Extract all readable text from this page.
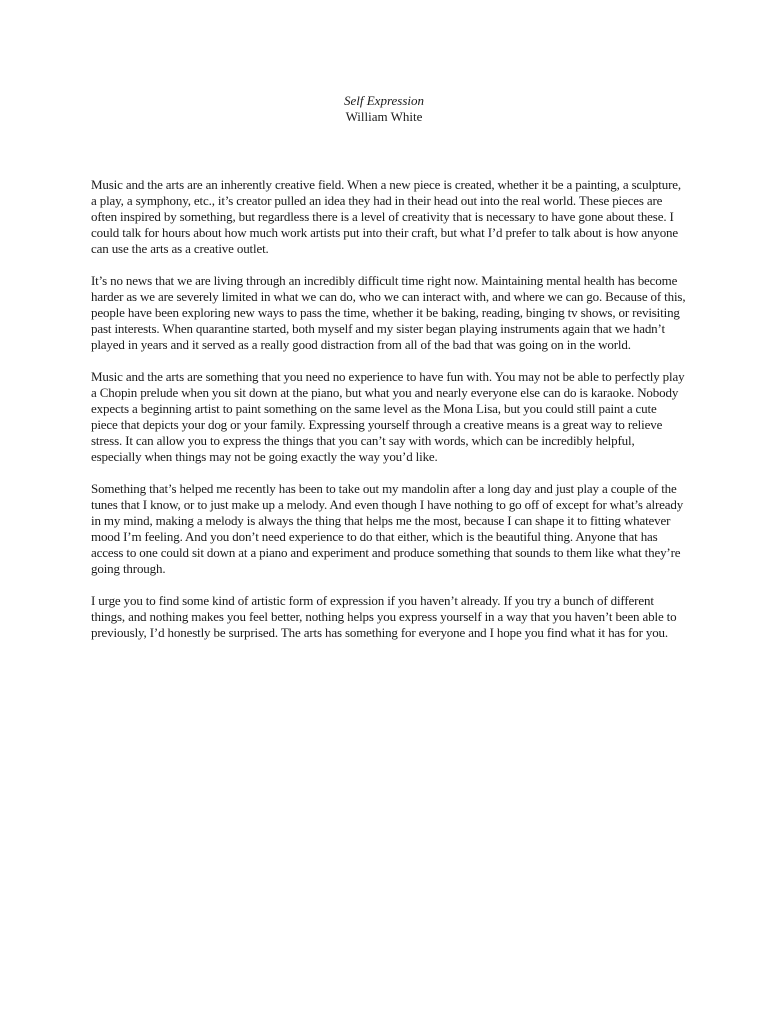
Self Expression
William White

Music and the arts are an inherently creative field. When a new piece is created, whether it be a painting, a sculpture, a play, a symphony, etc., it’s creator pulled an idea they had in their head out into the real world. These pieces are often inspired by something, but regardless there is a level of creativity that is necessary to have gone about these. I could talk for hours about how much work artists put into their craft, but what I’d prefer to talk about is how anyone can use the arts as a creative outlet.

It’s no news that we are living through an incredibly difficult time right now. Maintaining mental health has become harder as we are severely limited in what we can do, who we can interact with, and where we can go. Because of this, people have been exploring new ways to pass the time, whether it be baking, reading, binging tv shows, or revisiting past interests. When quarantine started, both myself and my sister began playing instruments again that we hadn’t played in years and it served as a really good distraction from all of the bad that was going on in the world.

Music and the arts are something that you need no experience to have fun with. You may not be able to perfectly play a Chopin prelude when you sit down at the piano, but what you and nearly everyone else can do is karaoke. Nobody expects a beginning artist to paint something on the same level as the Mona Lisa, but you could still paint a cute piece that depicts your dog or your family. Expressing yourself through a creative means is a great way to relieve stress. It can allow you to express the things that you can’t say with words, which can be incredibly helpful, especially when things may not be going exactly the way you’d like.

Something that’s helped me recently has been to take out my mandolin after a long day and just play a couple of the tunes that I know, or to just make up a melody. And even though I have nothing to go off of except for what’s already in my mind, making a melody is always the thing that helps me the most, because I can shape it to fitting whatever mood I’m feeling. And you don’t need experience to do that either, which is the beautiful thing. Anyone that has access to one could sit down at a piano and experiment and produce something that sounds to them like what they’re going through.

I urge you to find some kind of artistic form of expression if you haven’t already. If you try a bunch of different things, and nothing makes you feel better, nothing helps you express yourself in a way that you haven’t been able to previously, I’d honestly be surprised. The arts has something for everyone and I hope you find what it has for you.
